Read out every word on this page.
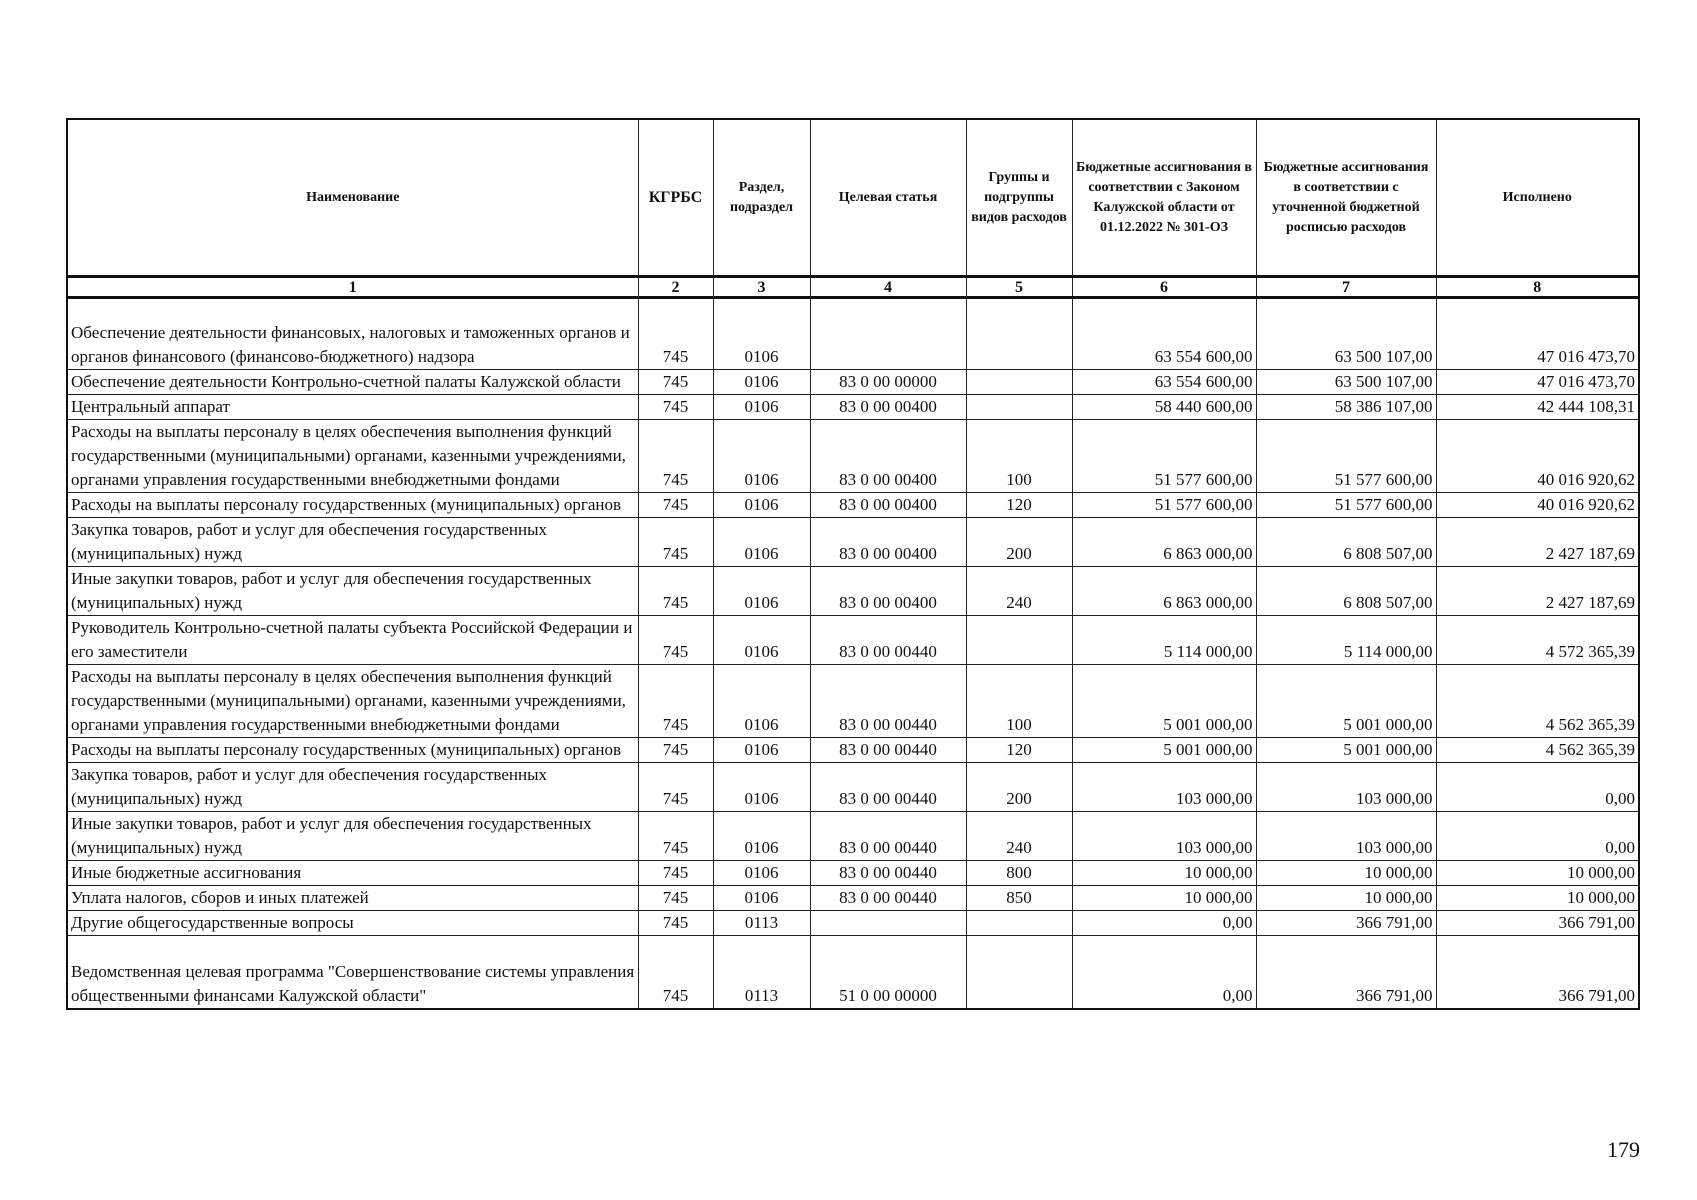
Наименование	КГРБС	Раздел, подраздел	Целевая статья	Группы и подгруппы видов расходов	Бюджетные ассигнования в соответствии с Законом Калужской области от 01.12.2022 № 301-ОЗ	Бюджетные ассигнования в соответствии с уточненной бюджетной росписью расходов	Исполнено
1	2	3	4	5	6	7	8
Обеспечение деятельности финансовых, налоговых и таможенных органов и органов финансового (финансово-бюджетного) надзора	745	0106			63 554 600,00	63 500 107,00	47 016 473,70
Обеспечение деятельности Контрольно-счетной палаты Калужской области	745	0106	83 0 00 00000		63 554 600,00	63 500 107,00	47 016 473,70
Центральный аппарат	745	0106	83 0 00 00400		58 440 600,00	58 386 107,00	42 444 108,31
Расходы на выплаты персоналу в целях обеспечения выполнения функций государственными (муниципальными) органами, казенными учреждениями, органами управления государственными внебюджетными фондами	745	0106	83 0 00 00400	100	51 577 600,00	51 577 600,00	40 016 920,62
Расходы на выплаты персоналу государственных (муниципальных) органов	745	0106	83 0 00 00400	120	51 577 600,00	51 577 600,00	40 016 920,62
Закупка товаров, работ и услуг для обеспечения государственных (муниципальных) нужд	745	0106	83 0 00 00400	200	6 863 000,00	6 808 507,00	2 427 187,69
Иные закупки товаров, работ и услуг для обеспечения государственных (муниципальных) нужд	745	0106	83 0 00 00400	240	6 863 000,00	6 808 507,00	2 427 187,69
Руководитель Контрольно-счетной палаты субъекта Российской Федерации и его заместители	745	0106	83 0 00 00440		5 114 000,00	5 114 000,00	4 572 365,39
Расходы на выплаты персоналу в целях обеспечения выполнения функций государственными (муниципальными) органами, казенными учреждениями, органами управления государственными внебюджетными фондами	745	0106	83 0 00 00440	100	5 001 000,00	5 001 000,00	4 562 365,39
Расходы на выплаты персоналу государственных (муниципальных) органов	745	0106	83 0 00 00440	120	5 001 000,00	5 001 000,00	4 562 365,39
Закупка товаров, работ и услуг для обеспечения государственных (муниципальных) нужд	745	0106	83 0 00 00440	200	103 000,00	103 000,00	0,00
Иные закупки товаров, работ и услуг для обеспечения государственных (муниципальных) нужд	745	0106	83 0 00 00440	240	103 000,00	103 000,00	0,00
Иные бюджетные ассигнования	745	0106	83 0 00 00440	800	10 000,00	10 000,00	10 000,00
Уплата налогов, сборов и иных платежей	745	0106	83 0 00 00440	850	10 000,00	10 000,00	10 000,00
Другие общегосударственные вопросы	745	0113			0,00	366 791,00	366 791,00
Ведомственная целевая программа "Совершенствование системы управления общественными финансами Калужской области"	745	0113	51 0 00 00000		0,00	366 791,00	366 791,00
179
